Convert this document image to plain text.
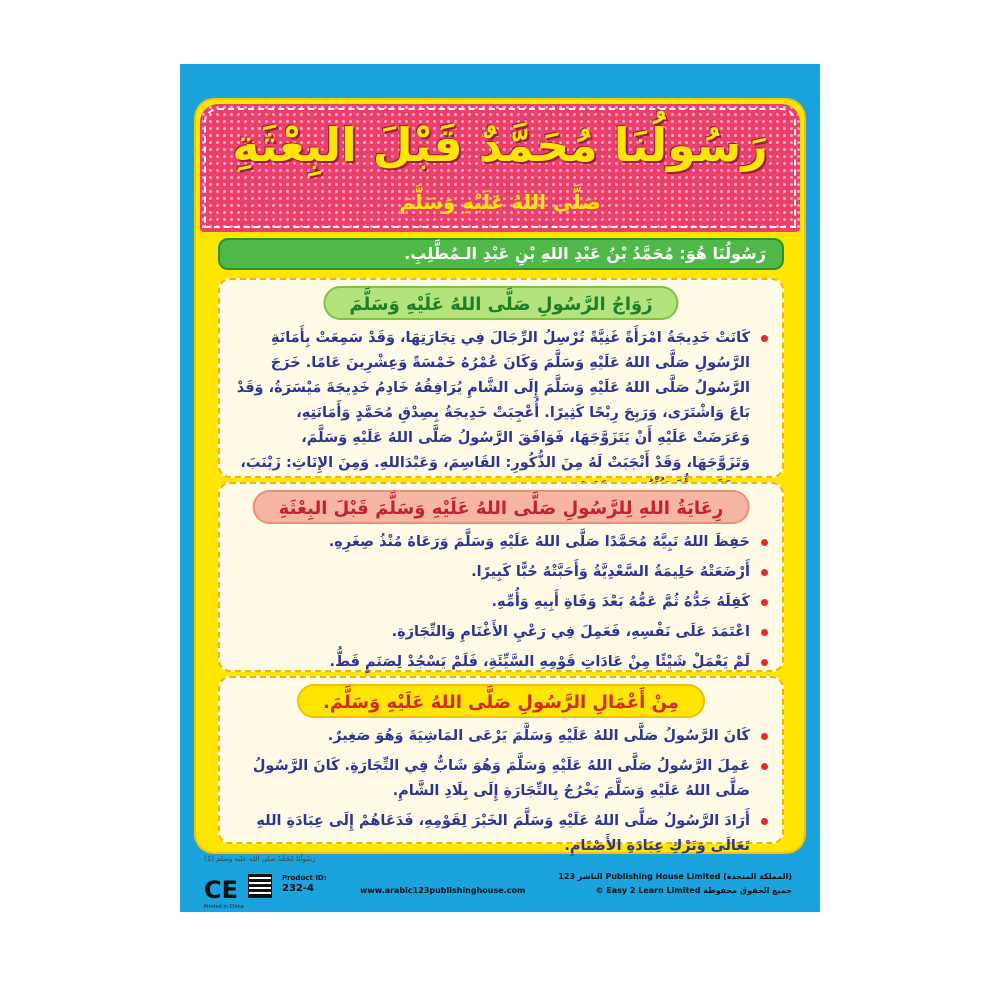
رَسُولُنَا مُحَمَّدٌ قَبْلَ البِعْثَةِ
صَلَّى اللهُ عَلَيْهِ وَسَلَّمَ
رَسُولُنَا هُوَ: مُحَمَّدُ بْنُ عَبْدِ اللهِ بْنِ عَبْدِ الـمُطَّلِبِ.
زَوَاجُ الرَّسُولِ صَلَّى اللهُ عَلَيْهِ وَسَلَّمَ
كَانَتْ خَدِيجَةُ امْرَأَةً غَنِيَّةً تُرْسِلُ الرِّجَالَ فِي تِجَارَتِهَا، وَقَدْ سَمِعَتْ بِأَمَانَةِ الرَّسُولِ صَلَّى اللهُ عَلَيْهِ وَسَلَّمَ وَكَانَ عُمْرُهُ خَمْسَةً وَعِشْرِينَ عَامًا. خَرَجَ الرَّسُولُ صَلَّى اللهُ عَلَيْهِ وَسَلَّمَ إِلَى الشَّامِ يُرَافِقُهُ خَادِمُ خَدِيجَةَ مَيْسَرَةُ، وَقَدْ بَاعَ وَاشْتَرَى، وَرَبِحَ رِبْحًا كَثِيرًا. أُعْجِبَتْ خَدِيجَةُ بِصِدْقِ مُحَمَّدٍ وَأَمَانَتِهِ، وَعَرَضَتْ عَلَيْهِ أَنْ يَتَزَوَّجَهَا، فَوَافَقَ الرَّسُولُ صَلَّى اللهُ عَلَيْهِ وَسَلَّمَ، وَتَزَوَّجَهَا، وَقَدْ أَنْجَبَتْ لَهُ مِنَ الذُّكُورِ: القَاسِمَ، وَعَبْدَاللهِ. وَمِنَ الإِنَاثِ: زَيْنَبَ،
رِعَايَةُ اللهِ لِلرَّسُولِ صَلَّى اللهُ عَلَيْهِ وَسَلَّمَ قَبْلَ البِعْثَةِ
حَفِظَ اللهُ نَبِيَّهُ مُحَمَّدًا صَلَّى اللهُ عَلَيْهِ وَسَلَّمَ وَرَعَاهُ مُنْذُ صِغَرِهِ.
أَرْضَعَتْهُ حَلِيمَةُ السَّعْدِيَّةُ وَأَحَبَّتْهُ حُبًّا كَبِيرًا.
كَفِلَهُ جَدُّهُ ثُمَّ عَمُّهُ بَعْدَ وَفَاةِ أَبِيهِ وَأُمِّهِ.
اعْتَمَدَ عَلَى نَفْسِهِ، فَعَمِلَ فِي رَعْيِ الأَغْنَامِ وَالتِّجَارَةِ.
لَمْ يَعْمَلْ شَيْئًا مِنْ عَادَاتِ قَوْمِهِ السَّيِّئَةِ، فَلَمْ يَسْجُدْ لِصَنَمٍ قَطُّ.
مِنْ أَعْمَالِ الرَّسُولِ صَلَّى اللهُ عَلَيْهِ وَسَلَّمَ.
كَانَ الرَّسُولُ صَلَّى اللهُ عَلَيْهِ وَسَلَّمَ يَرْعَى المَاشِيَةَ وَهُوَ صَغِيرٌ.
عَمِلَ الرَّسُولُ صَلَّى اللهُ عَلَيْهِ وَسَلَّمَ وَهُوَ شَابٌّ فِي التِّجَارَةِ. كَانَ الرَّسُولُ صَلَّى اللهُ عَلَيْهِ وَسَلَّمَ يَخْرُجُ بِالتِّجَارَةِ إِلَى بِلَادِ الشَّامِ.
أَرَادَ الرَّسُولُ صَلَّى اللهُ عَلَيْهِ وَسَلَّمَ الخَيْرَ لِقَوْمِهِ، فَدَعَاهُمْ إِلَى عِبَادَةِ اللهِ تَعَالَى وَتَرْكِ عِبَادَةِ الأَصْنَامِ.
رَسُولُنَا مُحَمَّدٌ صلى الله عليه وسلم (1)
CE
Printed in China
Product ID:
232-4	www.arabic123publishinghouse.com
الناشر 123 Publishing House Limited (المملكة المتحدة)
© Easy 2 Learn Limited جميع الحقوق محفوظة
